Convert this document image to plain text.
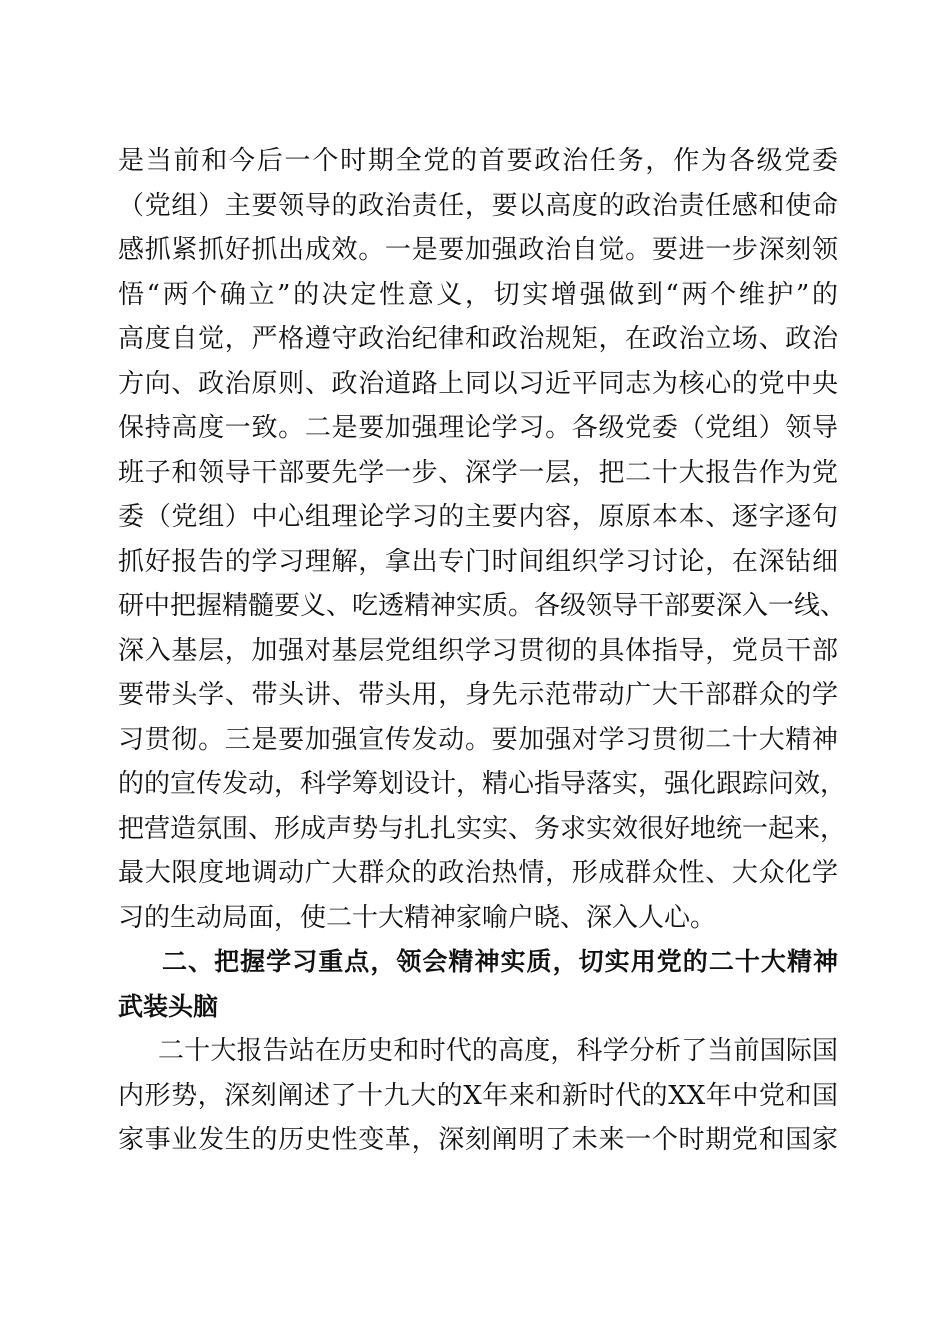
是当前和今后一个时期全党的首要政治任务，作为各级党委
（党组）主要领导的政治责任，要以高度的政治责任感和使命
感抓紧抓好抓出成效。一是要加强政治自觉。要进一步深刻领
悟“两个确立”的决定性意义，切实增强做到“两个维护”的
高度自觉，严格遵守政治纪律和政治规矩，在政治立场、政治
方向、政治原则、政治道路上同以习近平同志为核心的党中央
保持高度一致。二是要加强理论学习。各级党委（党组）领导
班子和领导干部要先学一步、深学一层，把二十大报告作为党
委（党组）中心组理论学习的主要内容，原原本本、逐字逐句
抓好报告的学习理解，拿出专门时间组织学习讨论，在深钻细
研中把握精髓要义、吃透精神实质。各级领导干部要深入一线、
深入基层，加强对基层党组织学习贯彻的具体指导，党员干部
要带头学、带头讲、带头用，身先示范带动广大干部群众的学
习贯彻。三是要加强宣传发动。要加强对学习贯彻二十大精神
的的宣传发动，科学筹划设计，精心指导落实，强化跟踪问效，
把营造氛围、形成声势与扎扎实实、务求实效很好地统一起来，
最大限度地调动广大群众的政治热情，形成群众性、大众化学
习的生动局面，使二十大精神家喻户晓、深入人心。
二、把握学习重点，领会精神实质，切实用党的二十大精神
武装头脑
二十大报告站在历史和时代的高度，科学分析了当前国际国
内形势，深刻阐述了十九大的X年来和新时代的XX年中党和国
家事业发生的历史性变革，深刻阐明了未来一个时期党和国家
